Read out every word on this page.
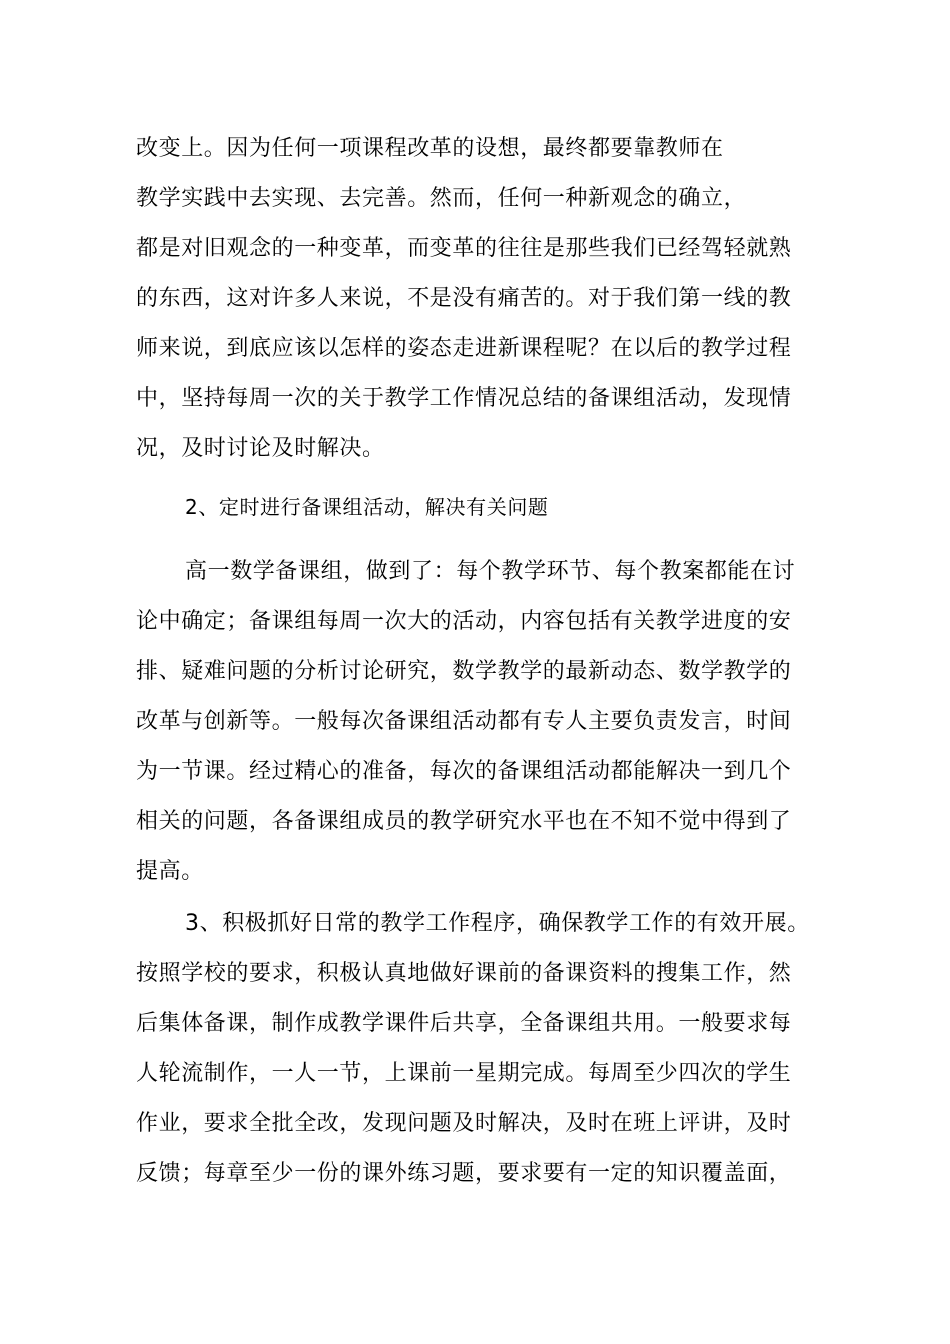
改变上。因为任何一项课程改革的设想，最终都要靠教师在
教学实践中去实现、去完善。然而，任何一种新观念的确立，
都是对旧观念的一种变革，而变革的往往是那些我们已经驾轻就熟
的东西，这对许多人来说，不是没有痛苦的。对于我们第一线的教
师来说，到底应该以怎样的姿态走进新课程呢？在以后的教学过程
中，坚持每周一次的关于教学工作情况总结的备课组活动，发现情
况，及时讨论及时解决。
2、定时进行备课组活动，解决有关问题
高一数学备课组，做到了：每个教学环节、每个教案都能在讨
论中确定；备课组每周一次大的活动，内容包括有关教学进度的安
排、疑难问题的分析讨论研究，数学教学的最新动态、数学教学的
改革与创新等。一般每次备课组活动都有专人主要负责发言，时间
为一节课。经过精心的准备，每次的备课组活动都能解决一到几个
相关的问题，各备课组成员的教学研究水平也在不知不觉中得到了
提高。
3、积极抓好日常的教学工作程序，确保教学工作的有效开展。
按照学校的要求，积极认真地做好课前的备课资料的搜集工作，然
后集体备课，制作成教学课件后共享，全备课组共用。一般要求每
人轮流制作，一人一节，上课前一星期完成。每周至少四次的学生
作业，要求全批全改，发现问题及时解决，及时在班上评讲，及时
反馈；每章至少一份的课外练习题，要求要有一定的知识覆盖面，
